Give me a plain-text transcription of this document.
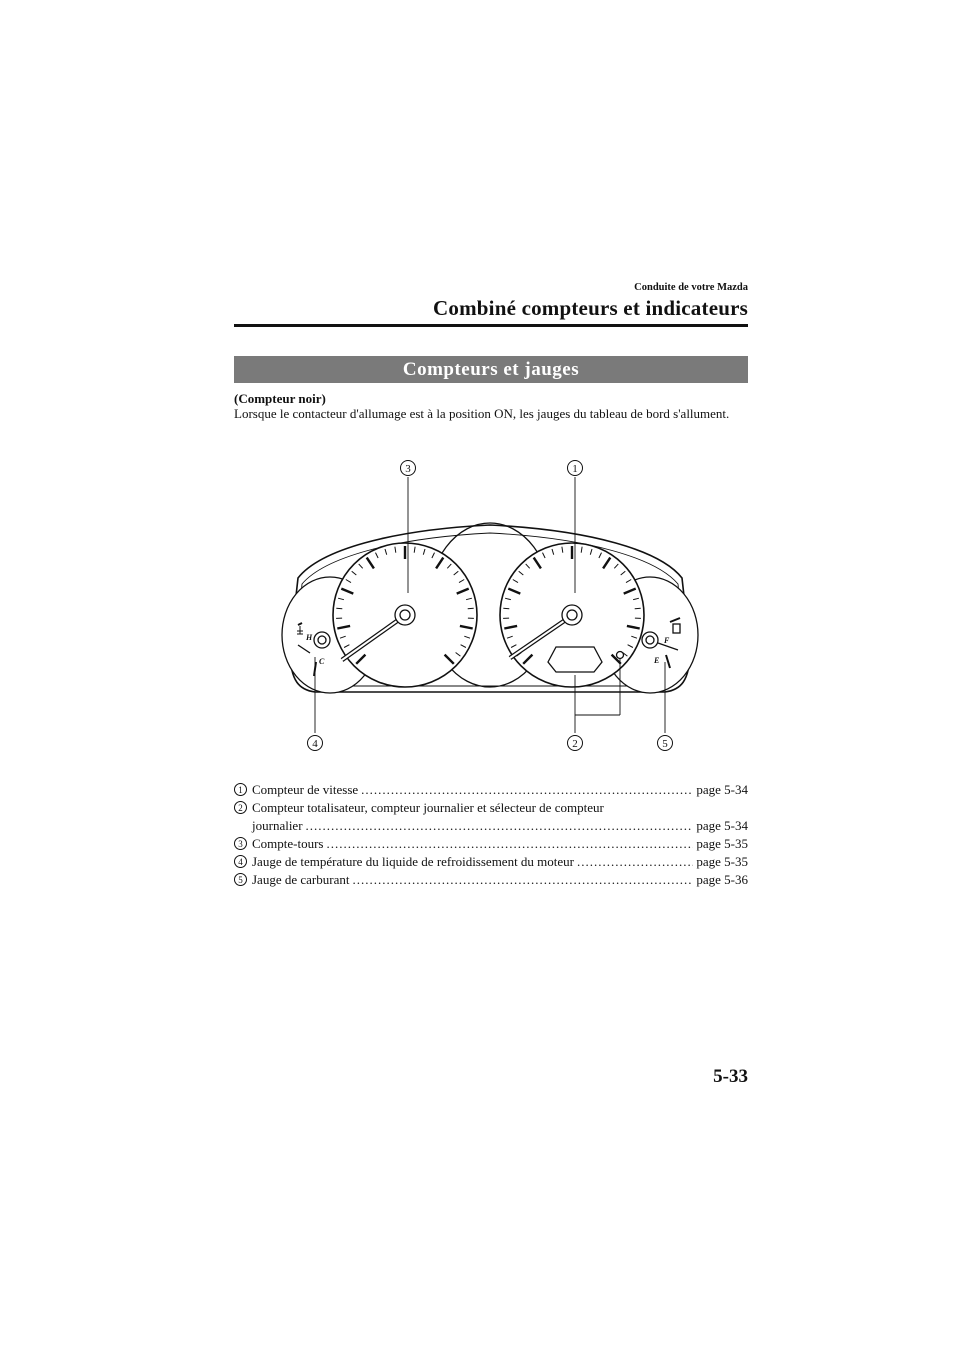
Conduite de votre Mazda
Combiné compteurs et indicateurs
Compteurs et jauges
(Compteur noir)
Lorsque le contacteur d'allumage est à la position ON, les jauges du tableau de bord s'allument.
H
C
F
E
1
2
3
4	5
1 Compteur de vitesse .....	page 5-34
2 Compteur totalisateur, compteur journalier et sélecteur de compteur
journalier .....	page 5-34
3 Compte-tours .....	page 5-35
4 Jauge de température du liquide de refroidissement du moteur .....	page 5-35
5 Jauge de carburant .....	page 5-36
5-33
